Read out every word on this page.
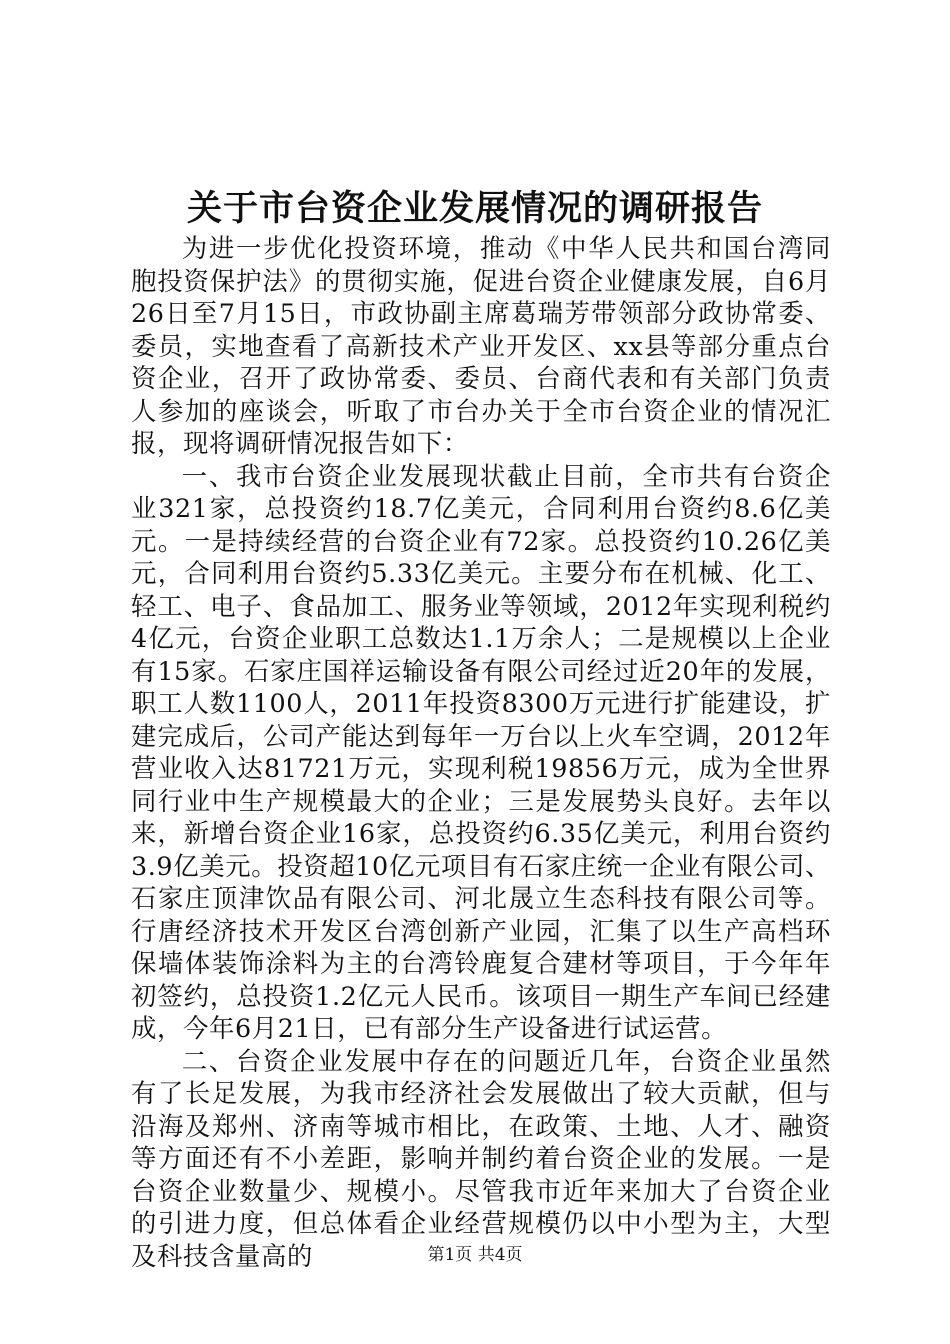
关于市台资企业发展情况的调研报告

为进一步优化投资环境，推动《中华人民共和国台湾同胞投资保护法》的贯彻实施，促进台资企业健康发展，自6月26日至7月15日，市政协副主席葛瑞芳带领部分政协常委、委员，实地查看了高新技术产业开发区、xx县等部分重点台资企业，召开了政协常委、委员、台商代表和有关部门负责人参加的座谈会，听取了市台办关于全市台资企业的情况汇报，现将调研情况报告如下：

一、我市台资企业发展现状截止目前，全市共有台资企业321家，总投资约18.7亿美元，合同利用台资约8.6亿美元。一是持续经营的台资企业有72家。总投资约10.26亿美元，合同利用台资约5.33亿美元。主要分布在机械、化工、轻工、电子、食品加工、服务业等领域，2012年实现利税约4亿元，台资企业职工总数达1.1万余人；二是规模以上企业有15家。石家庄国祥运输设备有限公司经过近20年的发展，职工人数1100人，2011年投资8300万元进行扩能建设，扩建完成后，公司产能达到每年一万台以上火车空调，2012年营业收入达81721万元，实现利税19856万元，成为全世界同行业中生产规模最大的企业；三是发展势头良好。去年以来，新增台资企业16家，总投资约6.35亿美元，利用台资约3.9亿美元。投资超10亿元项目有石家庄统一企业有限公司、石家庄顶津饮品有限公司、河北晟立生态科技有限公司等。行唐经济技术开发区台湾创新产业园，汇集了以生产高档环保墙体装饰涂料为主的台湾铃鹿复合建材等项目，于今年年初签约，总投资1.2亿元人民币。该项目一期生产车间已经建成，今年6月21日，已有部分生产设备进行试运营。

二、台资企业发展中存在的问题近几年，台资企业虽然有了长足发展，为我市经济社会发展做出了较大贡献，但与沿海及郑州、济南等城市相比，在政策、土地、人才、融资等方面还有不小差距，影响并制约着台资企业的发展。一是台资企业数量少、规模小。尽管我市近年来加大了台资企业的引进力度，但总体看企业经营规模仍以中小型为主，大型及科技含量高的	第1页 共4页
